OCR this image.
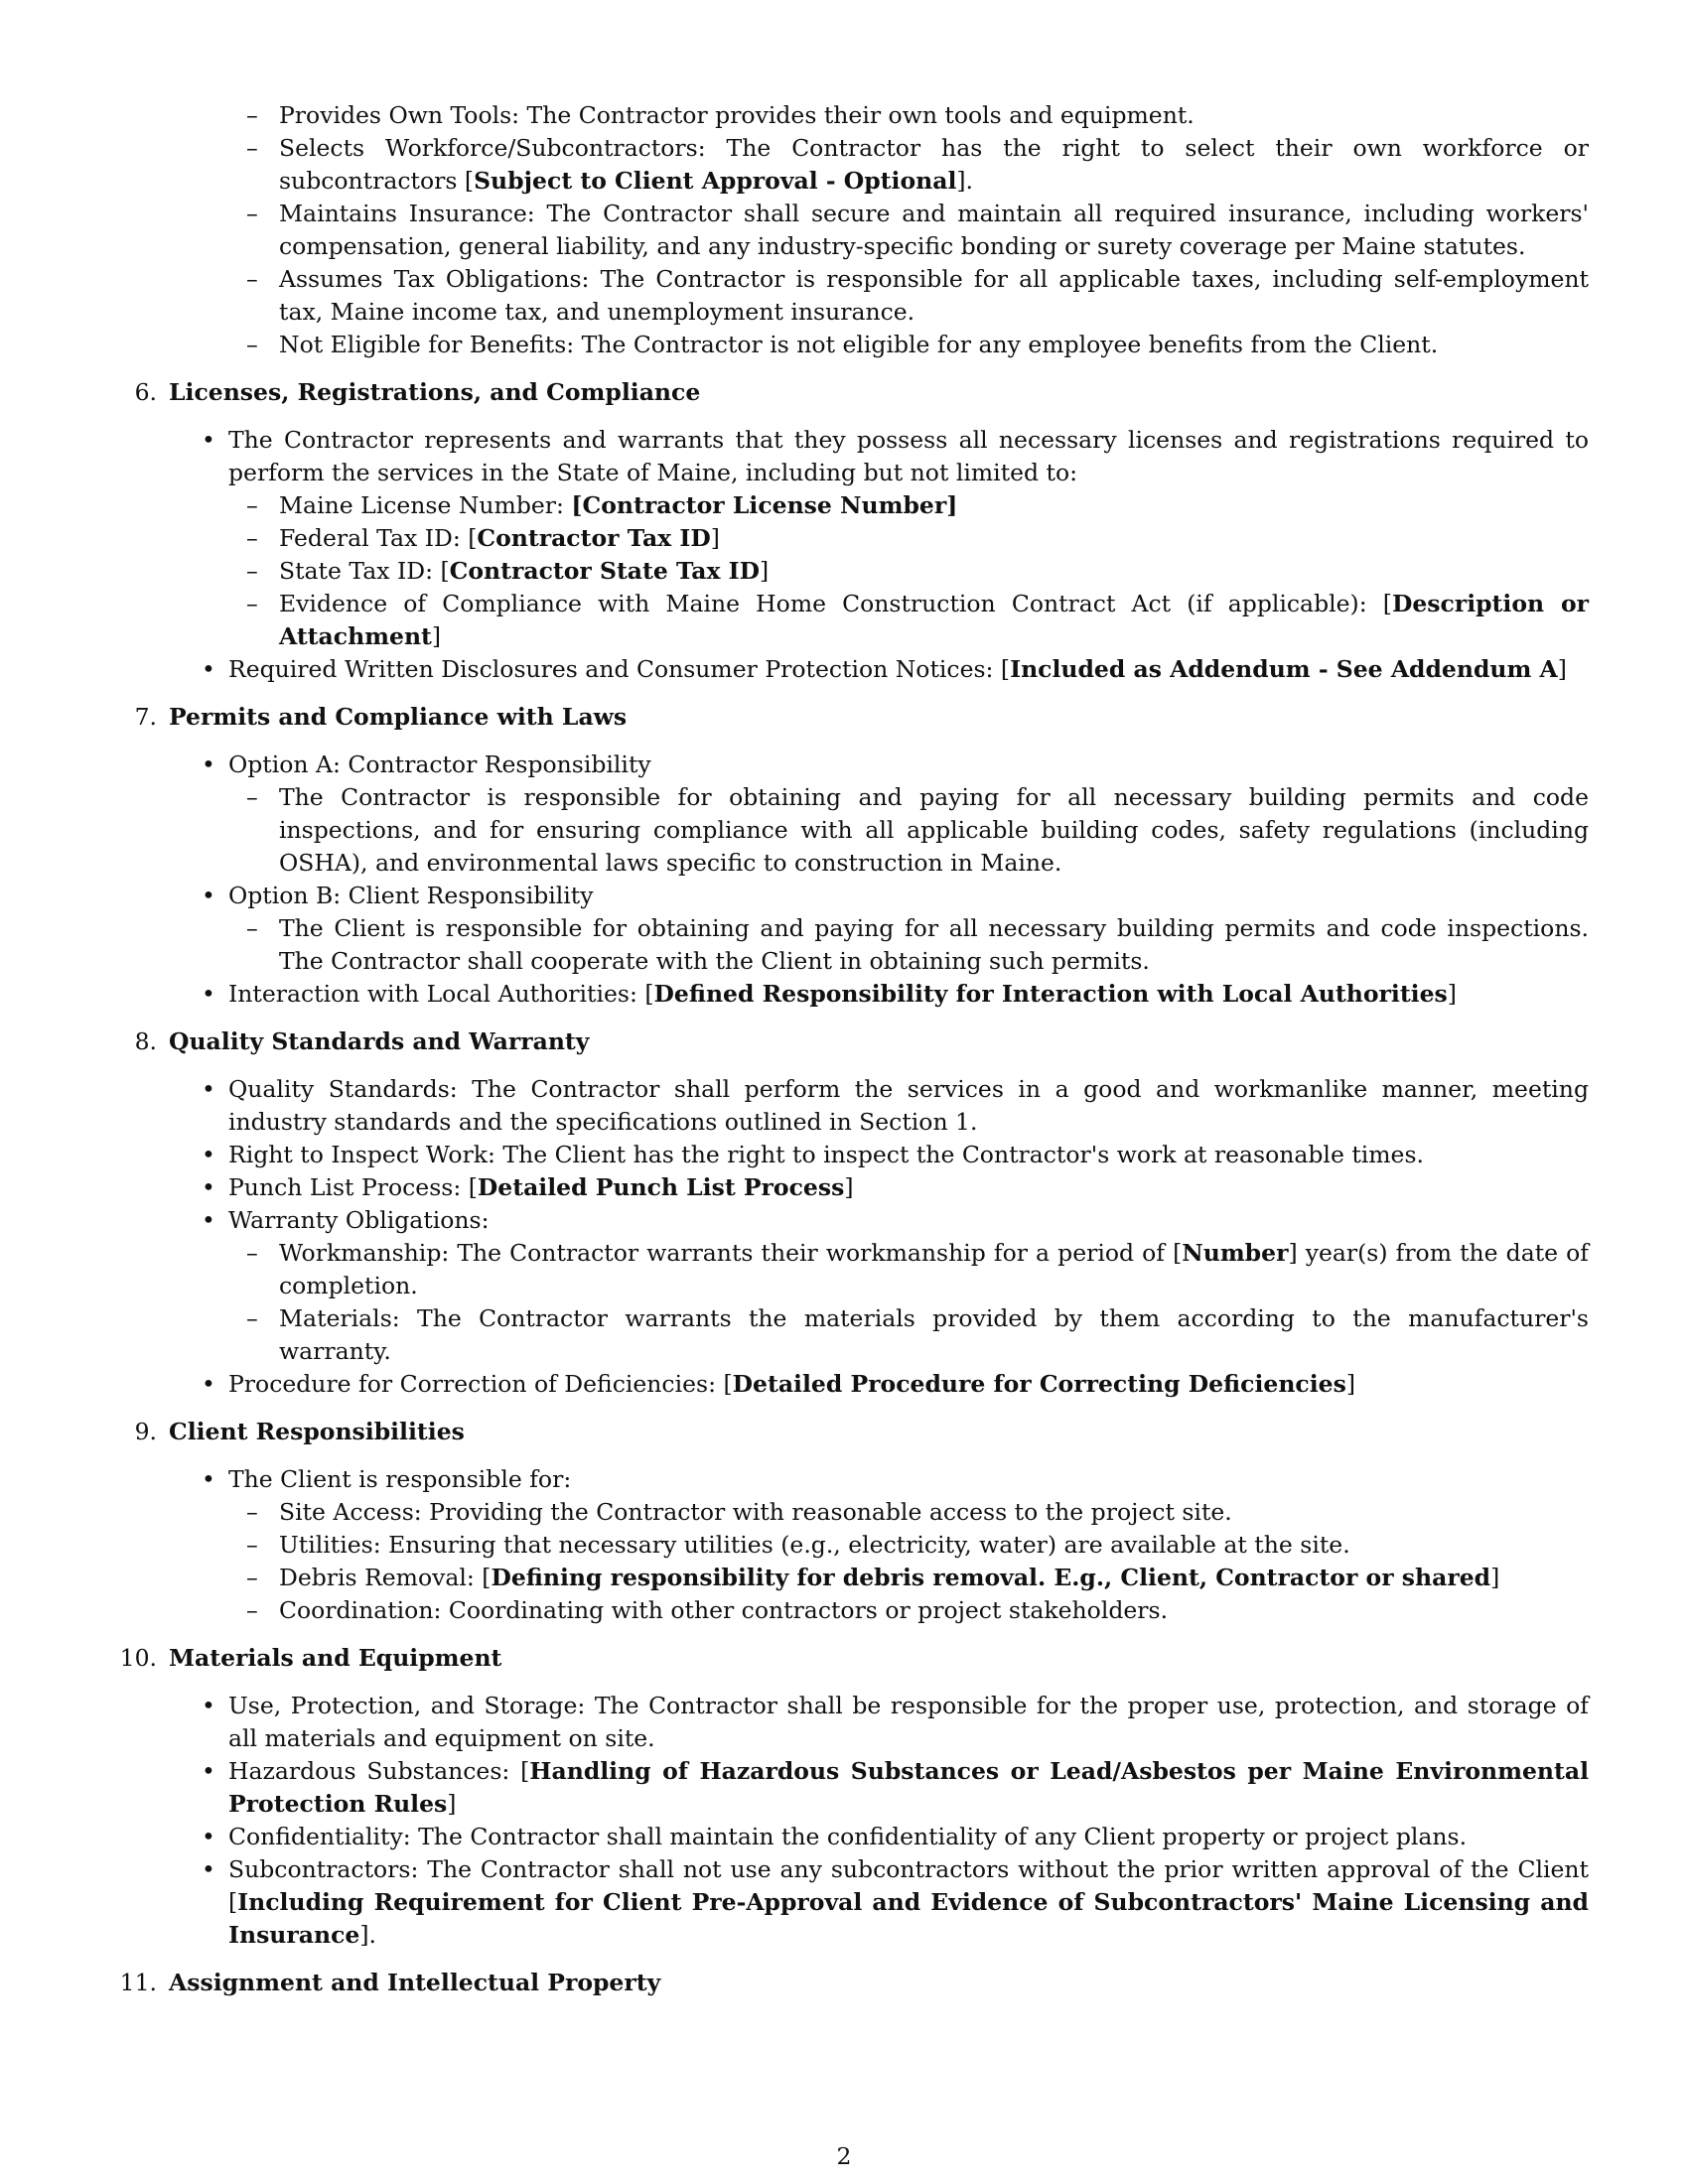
– Provides Own Tools: The Contractor provides their own tools and equipment.
– Selects Workforce/Subcontractors: The Contractor has the right to select their own workforce or subcontractors [Subject to Client Approval - Optional].
– Maintains Insurance: The Contractor shall secure and maintain all required insurance, including workers' compensation, general liability, and any industry-specific bonding or surety coverage per Maine statutes.
– Assumes Tax Obligations: The Contractor is responsible for all applicable taxes, including self-employment tax, Maine income tax, and unemployment insurance.
– Not Eligible for Benefits: The Contractor is not eligible for any employee benefits from the Client.

6. Licenses, Registrations, and Compliance

• The Contractor represents and warrants that they possess all necessary licenses and registrations required to perform the services in the State of Maine, including but not limited to:
– Maine License Number: [Contractor License Number]
– Federal Tax ID: [Contractor Tax ID]
– State Tax ID: [Contractor State Tax ID]
– Evidence of Compliance with Maine Home Construction Contract Act (if applicable): [Description or Attachment]
• Required Written Disclosures and Consumer Protection Notices: [Included as Addendum - See Addendum A]

7. Permits and Compliance with Laws

• Option A: Contractor Responsibility
– The Contractor is responsible for obtaining and paying for all necessary building permits and code inspections, and for ensuring compliance with all applicable building codes, safety regulations (including OSHA), and environmental laws specific to construction in Maine.
• Option B: Client Responsibility
– The Client is responsible for obtaining and paying for all necessary building permits and code inspections. The Contractor shall cooperate with the Client in obtaining such permits.
• Interaction with Local Authorities: [Defined Responsibility for Interaction with Local Authorities]

8. Quality Standards and Warranty

• Quality Standards: The Contractor shall perform the services in a good and workmanlike manner, meeting industry standards and the specifications outlined in Section 1.
• Right to Inspect Work: The Client has the right to inspect the Contractor's work at reasonable times.
• Punch List Process: [Detailed Punch List Process]
• Warranty Obligations:
– Workmanship: The Contractor warrants their workmanship for a period of [Number] year(s) from the date of completion.
– Materials: The Contractor warrants the materials provided by them according to the manufacturer's warranty.
• Procedure for Correction of Deficiencies: [Detailed Procedure for Correcting Deficiencies]

9. Client Responsibilities

• The Client is responsible for:
– Site Access: Providing the Contractor with reasonable access to the project site.
– Utilities: Ensuring that necessary utilities (e.g., electricity, water) are available at the site.
– Debris Removal: [Defining responsibility for debris removal. E.g., Client, Contractor or shared]
– Coordination: Coordinating with other contractors or project stakeholders.

10. Materials and Equipment

• Use, Protection, and Storage: The Contractor shall be responsible for the proper use, protection, and storage of all materials and equipment on site.
• Hazardous Substances: [Handling of Hazardous Substances or Lead/Asbestos per Maine Environmental Protection Rules]
• Confidentiality: The Contractor shall maintain the confidentiality of any Client property or project plans.
• Subcontractors: The Contractor shall not use any subcontractors without the prior written approval of the Client [Including Requirement for Client Pre-Approval and Evidence of Subcontractors' Maine Licensing and Insurance].

11. Assignment and Intellectual Property

2
